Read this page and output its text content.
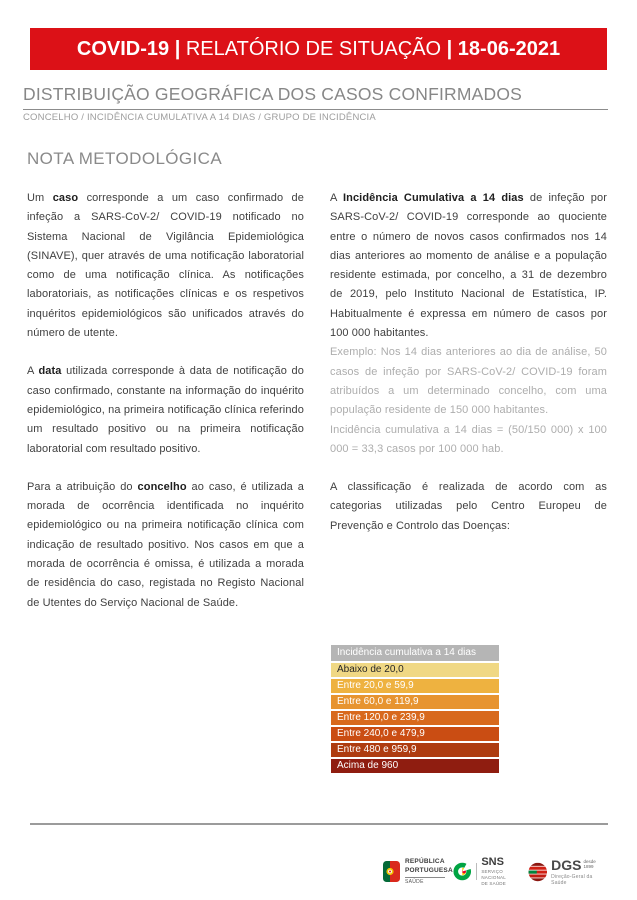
COVID-19 | RELATÓRIO DE SITUAÇÃO | 18-06-2021
DISTRIBUIÇÃO GEOGRÁFICA DOS CASOS CONFIRMADOS
CONCELHO / INCIDÊNCIA CUMULATIVA A 14 DIAS / GRUPO DE INCIDÊNCIA
NOTA METODOLÓGICA

Um caso corresponde a um caso confirmado de infeção a SARS-CoV-2/ COVID-19 notificado no Sistema Nacional de Vigilância Epidemiológica (SINAVE), quer através de uma notificação laboratorial como de uma notificação clínica. As notificações laboratoriais, as notificações clínicas e os respetivos inquéritos epidemiológicos são unificados através do número de utente.

A data utilizada corresponde à data de notificação do caso confirmado, constante na informação do inquérito epidemiológico, na primeira notificação clínica referindo um resultado positivo ou na primeira notificação laboratorial com resultado positivo.

Para a atribuição do concelho ao caso, é utilizada a morada de ocorrência identificada no inquérito epidemiológico ou na primeira notificação clínica com indicação de resultado positivo. Nos casos em que a morada de ocorrência é omissa, é utilizada a morada de residência do caso, registada no Registo Nacional de Utentes do Serviço Nacional de Saúde.

A Incidência Cumulativa a 14 dias de infeção por SARS-CoV-2/ COVID-19 corresponde ao quociente entre o número de novos casos confirmados nos 14 dias anteriores ao momento de análise e a população residente estimada, por concelho, a 31 de dezembro de 2019, pelo Instituto Nacional de Estatística, IP. Habitualmente é expressa em número de casos por 100 000 habitantes.

Exemplo: Nos 14 dias anteriores ao dia de análise, 50 casos de infeção por SARS-CoV-2/ COVID-19 foram atribuídos a um determinado concelho, com uma população residente de 150 000 habitantes.

Incidência cumulativa a 14 dias = (50/150 000) x 100 000 = 33,3 casos por 100 000 hab.

A classificação é realizada de acordo com as categorias utilizadas pelo Centro Europeu de Prevenção e Controlo das Doenças:

Incidência cumulativa a 14 dias
Abaixo de 20,0
Entre 20,0 e 59,9
Entre 60,0 e 119,9
Entre 120,0 e 239,9
Entre 240,0 e 479,9
Entre 480 e 959,9
Acima de 960
REPÚBLICA
PORTUGUESA
SAÚDE
SNS
SERVIÇO NACIONAL
DE SAÚDE
DGS desde
1899
Direção-Geral da Saúde
